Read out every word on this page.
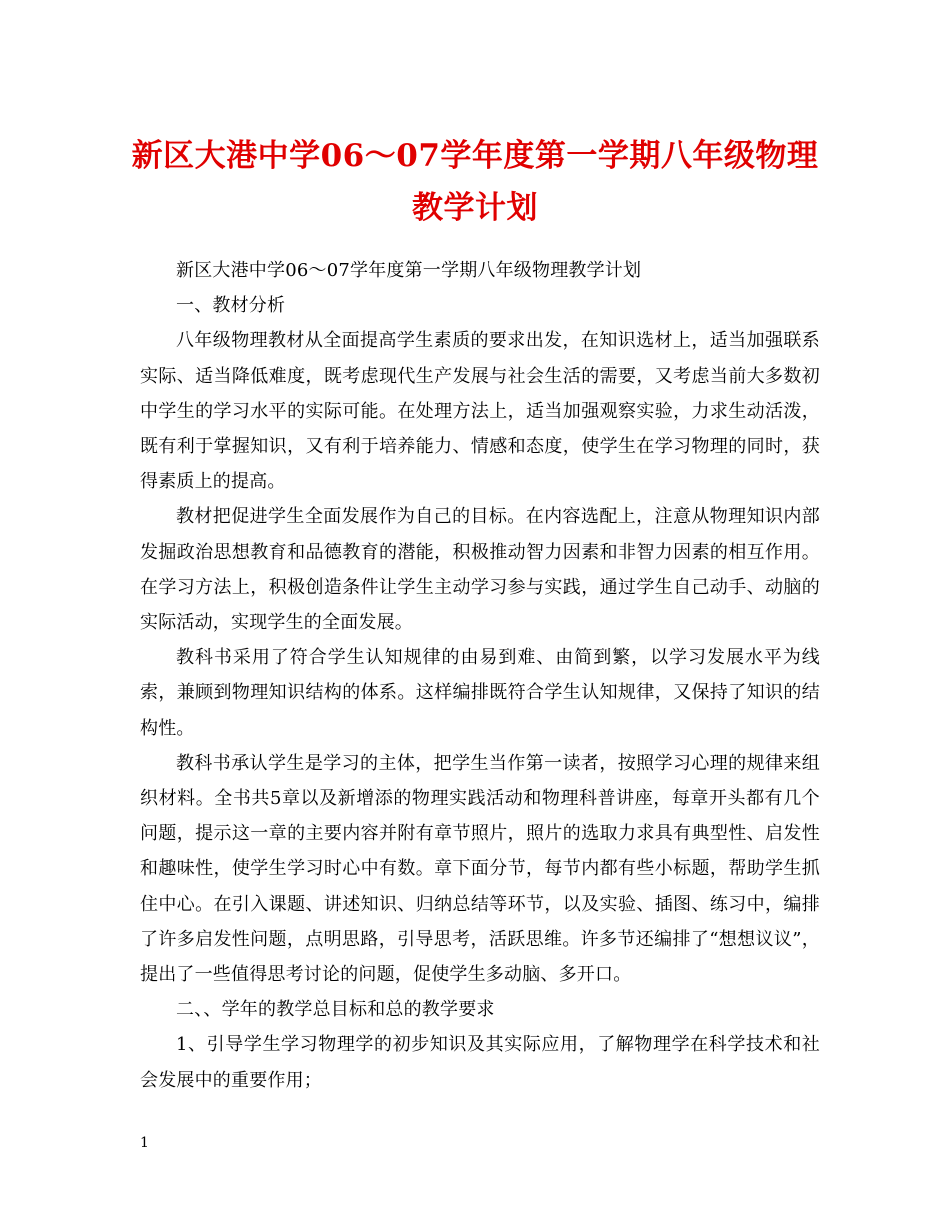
新区大港中学06～07学年度第一学期八年级物理教学计划

新区大港中学06～07学年度第一学期八年级物理教学计划

一、教材分析

八年级物理教材从全面提高学生素质的要求出发，在知识选材上，适当加强联系实际、适当降低难度，既考虑现代生产发展与社会生活的需要，又考虑当前大多数初中学生的学习水平的实际可能。在处理方法上，适当加强观察实验，力求生动活泼，既有利于掌握知识，又有利于培养能力、情感和态度，使学生在学习物理的同时，获得素质上的提高。

教材把促进学生全面发展作为自己的目标。在内容选配上，注意从物理知识内部发掘政治思想教育和品德教育的潜能，积极推动智力因素和非智力因素的相互作用。在学习方法上，积极创造条件让学生主动学习参与实践，通过学生自己动手、动脑的实际活动，实现学生的全面发展。

教科书采用了符合学生认知规律的由易到难、由简到繁，以学习发展水平为线索，兼顾到物理知识结构的体系。这样编排既符合学生认知规律，又保持了知识的结构性。

教科书承认学生是学习的主体，把学生当作第一读者，按照学习心理的规律来组织材料。全书共5章以及新增添的物理实践活动和物理科普讲座，每章开头都有几个问题，提示这一章的主要内容并附有章节照片，照片的选取力求具有典型性、启发性和趣味性，使学生学习时心中有数。章下面分节，每节内都有些小标题，帮助学生抓住中心。在引入课题、讲述知识、归纳总结等环节，以及实验、插图、练习中，编排了许多启发性问题，点明思路，引导思考，活跃思维。许多节还编排了“想想议议”，提出了一些值得思考讨论的问题，促使学生多动脑、多开口。

二、、学年的教学总目标和总的教学要求

1、引导学生学习物理学的初步知识及其实际应用，了解物理学在科学技术和社会发展中的重要作用；

1
